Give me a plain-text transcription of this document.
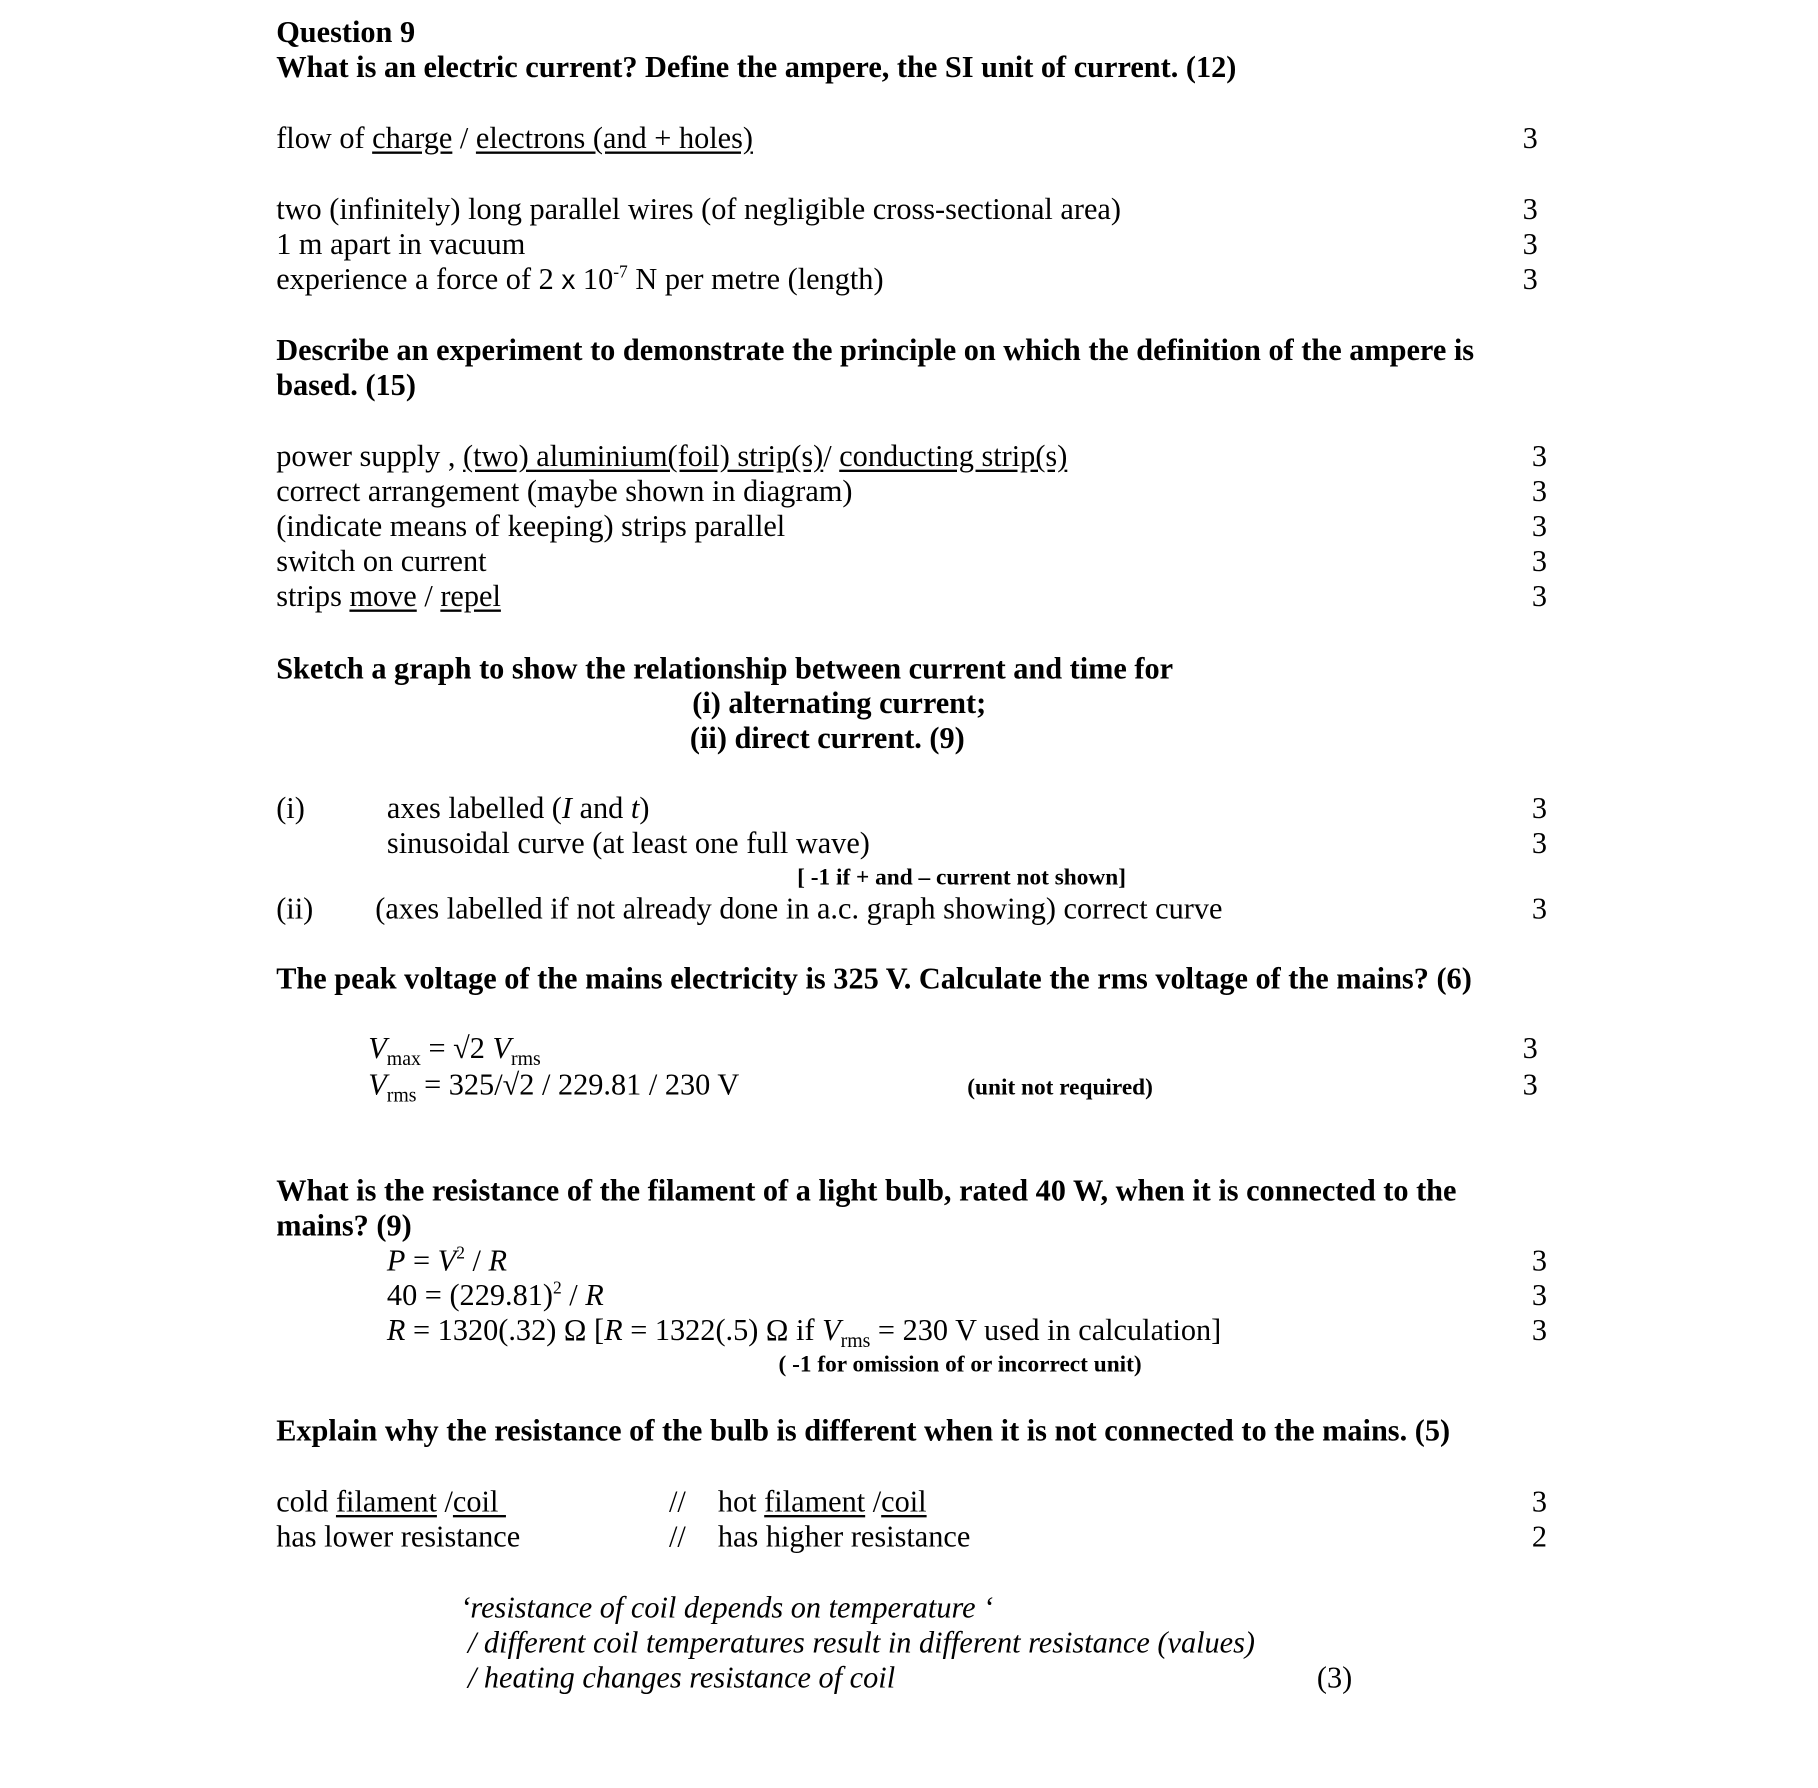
Question 9
What is an electric current? Define the ampere, the SI unit of current. (12)
flow of charge / electrons (and + holes)	3
two (infinitely) long parallel wires (of negligible cross-sectional area)	3
1 m apart in vacuum	3
experience a force of 2 x $10^{-7}$ N per metre (length)	3
Describe an experiment to demonstrate the principle on which the definition of the ampere is
based. (15)
power supply , (two) aluminium(foil) strip(s)/ conducting strip(s)	3
correct arrangement (maybe shown in diagram)	3
(indicate means of keeping) strips parallel	3
switch on current	3
strips move / repel	3
Sketch a graph to show the relationship between current and time for
(i) alternating current;
(ii) direct current. (9)
(i)	axes labelled (I and t)	3
sinusoidal curve (at least one full wave)	3
[ -1 if + and – current not shown]
(ii) (axes labelled if not already done in a.c. graph showing) correct curve	3
The peak voltage of the mains electricity is 325 V. Calculate the rms voltage of the mains? (6)
$V_{max} = √2$ $V_{rms}$	3
$V_{rms} = 325/√2 / 229.81 / 230$ V	(unit not required)	3
What is the resistance of the filament of a light bulb, rated 40 W, when it is connected to the
mains? (9)
$P = V^2 / R$	3
$40 = (229.81)^2 / R$	3
R = 1320(.32) Ω [R = 1322(.5) Ω if $V_{rms} = 230$ V used in calculation]	3
( -1 for omission of or incorrect unit)
Explain why the resistance of the bulb is different when it is not connected to the mains. (5)
cold filament /coil	// hot filament /coil	3
has lower resistance	// has higher resistance	2
‘resistance of coil depends on temperature ‘
/ different coil temperatures result in different resistance (values)
/ heating changes resistance of coil	(3)
